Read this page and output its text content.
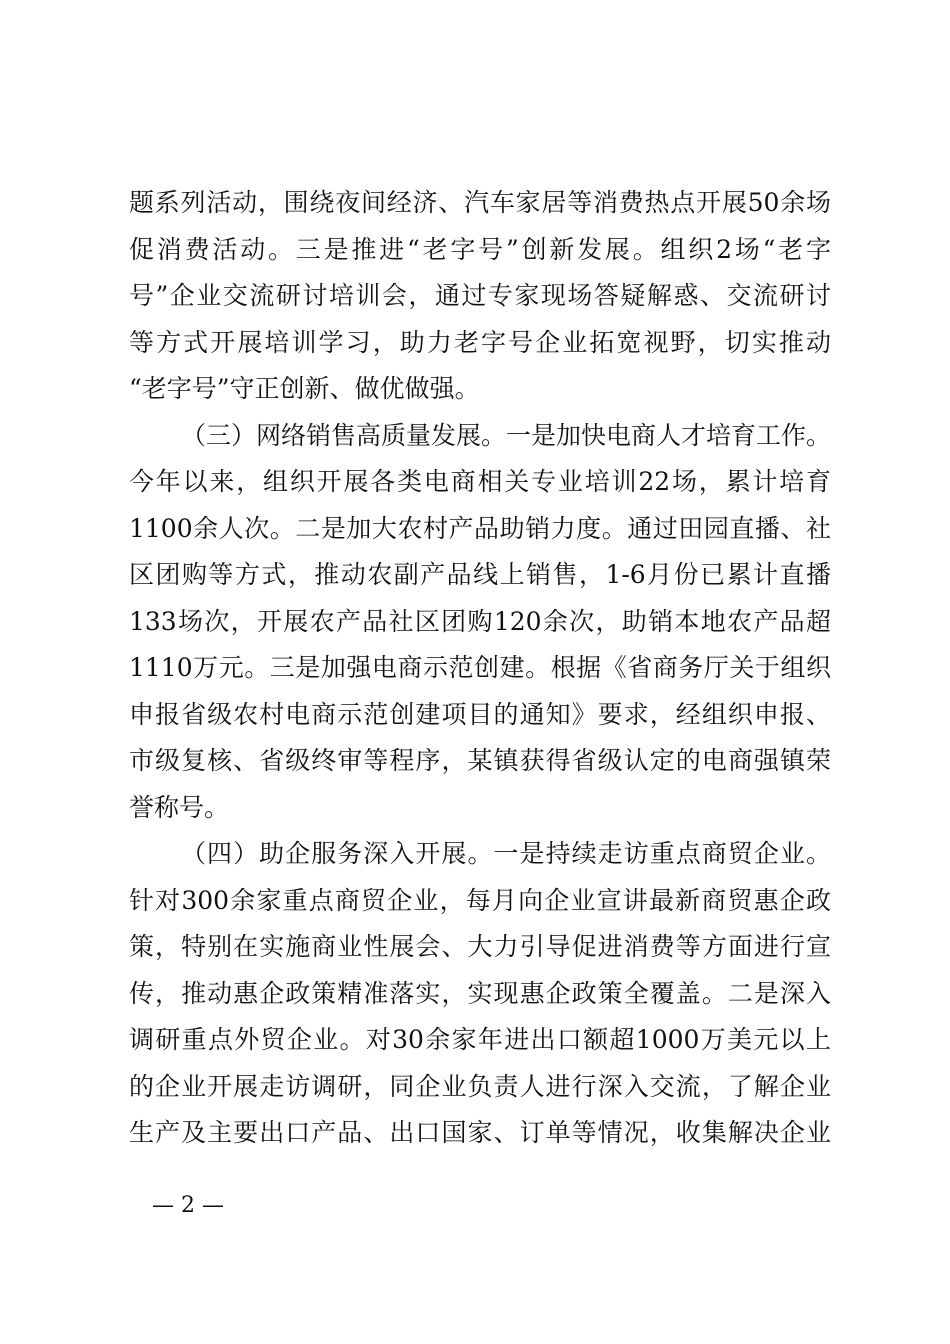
题系列活动，围绕夜间经济、汽车家居等消费热点开展50余场
促消费活动。三是推进“老字号”创新发展。组织2场“老字
号”企业交流研讨培训会，通过专家现场答疑解惑、交流研讨
等方式开展培训学习，助力老字号企业拓宽视野，切实推动
“老字号”守正创新、做优做强。
（三）网络销售高质量发展。一是加快电商人才培育工作。
今年以来，组织开展各类电商相关专业培训22场，累计培育
1100余人次。二是加大农村产品助销力度。通过田园直播、社
区团购等方式，推动农副产品线上销售，1-6月份已累计直播
133场次，开展农产品社区团购120余次，助销本地农产品超
1110万元。三是加强电商示范创建。根据《省商务厅关于组织
申报省级农村电商示范创建项目的通知》要求，经组织申报、
市级复核、省级终审等程序，某镇获得省级认定的电商强镇荣
誉称号。
（四）助企服务深入开展。一是持续走访重点商贸企业。
针对300余家重点商贸企业，每月向企业宣讲最新商贸惠企政
策，特别在实施商业性展会、大力引导促进消费等方面进行宣
传，推动惠企政策精准落实，实现惠企政策全覆盖。二是深入
调研重点外贸企业。对30余家年进出口额超1000万美元以上
的企业开展走访调研，同企业负责人进行深入交流，了解企业
生产及主要出口产品、出口国家、订单等情况，收集解决企业
— 2 —
